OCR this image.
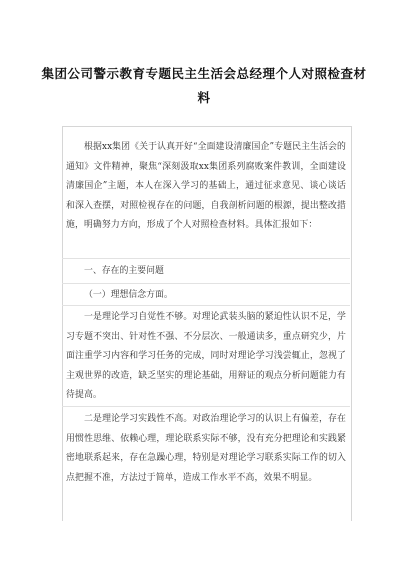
集团公司警示教育专题民主生活会总经理个人对照检查材料
根据xx集团《关于认真开好“全面建设清廉国企”专题民主生活会的通知》文件精神，聚焦“深刻汲取xx集团系列腐败案件教训，全面建设清廉国企”主题，本人在深入学习的基础上，通过征求意见、谈心谈话和深入查摆，对照检视存在的问题，自我剖析问题的根源，提出整改措施，明确努力方向，形成了个人对照检查材料。具体汇报如下：
一、存在的主要问题
（一）理想信念方面。
一是理论学习自觉性不够。对理论武装头脑的紧迫性认识不足，学习专题不突出、针对性不强、不分层次、一般通读多，重点研究少，片面注重学习内容和学习任务的完成，同时对理论学习浅尝辄止，忽视了主观世界的改造，缺乏坚实的理论基础，用辩证的观点分析问题能力有待提高。
二是理论学习实践性不高。对政治理论学习的认识上有偏差，存在用惯性思维、依赖心理，理论联系实际不够，没有充分把理论和实践紧密地联系起来，存在急躁心理，特别是对理论学习联系实际工作的切入点把握不准，方法过于简单，造成工作水平不高，效果不明显。
